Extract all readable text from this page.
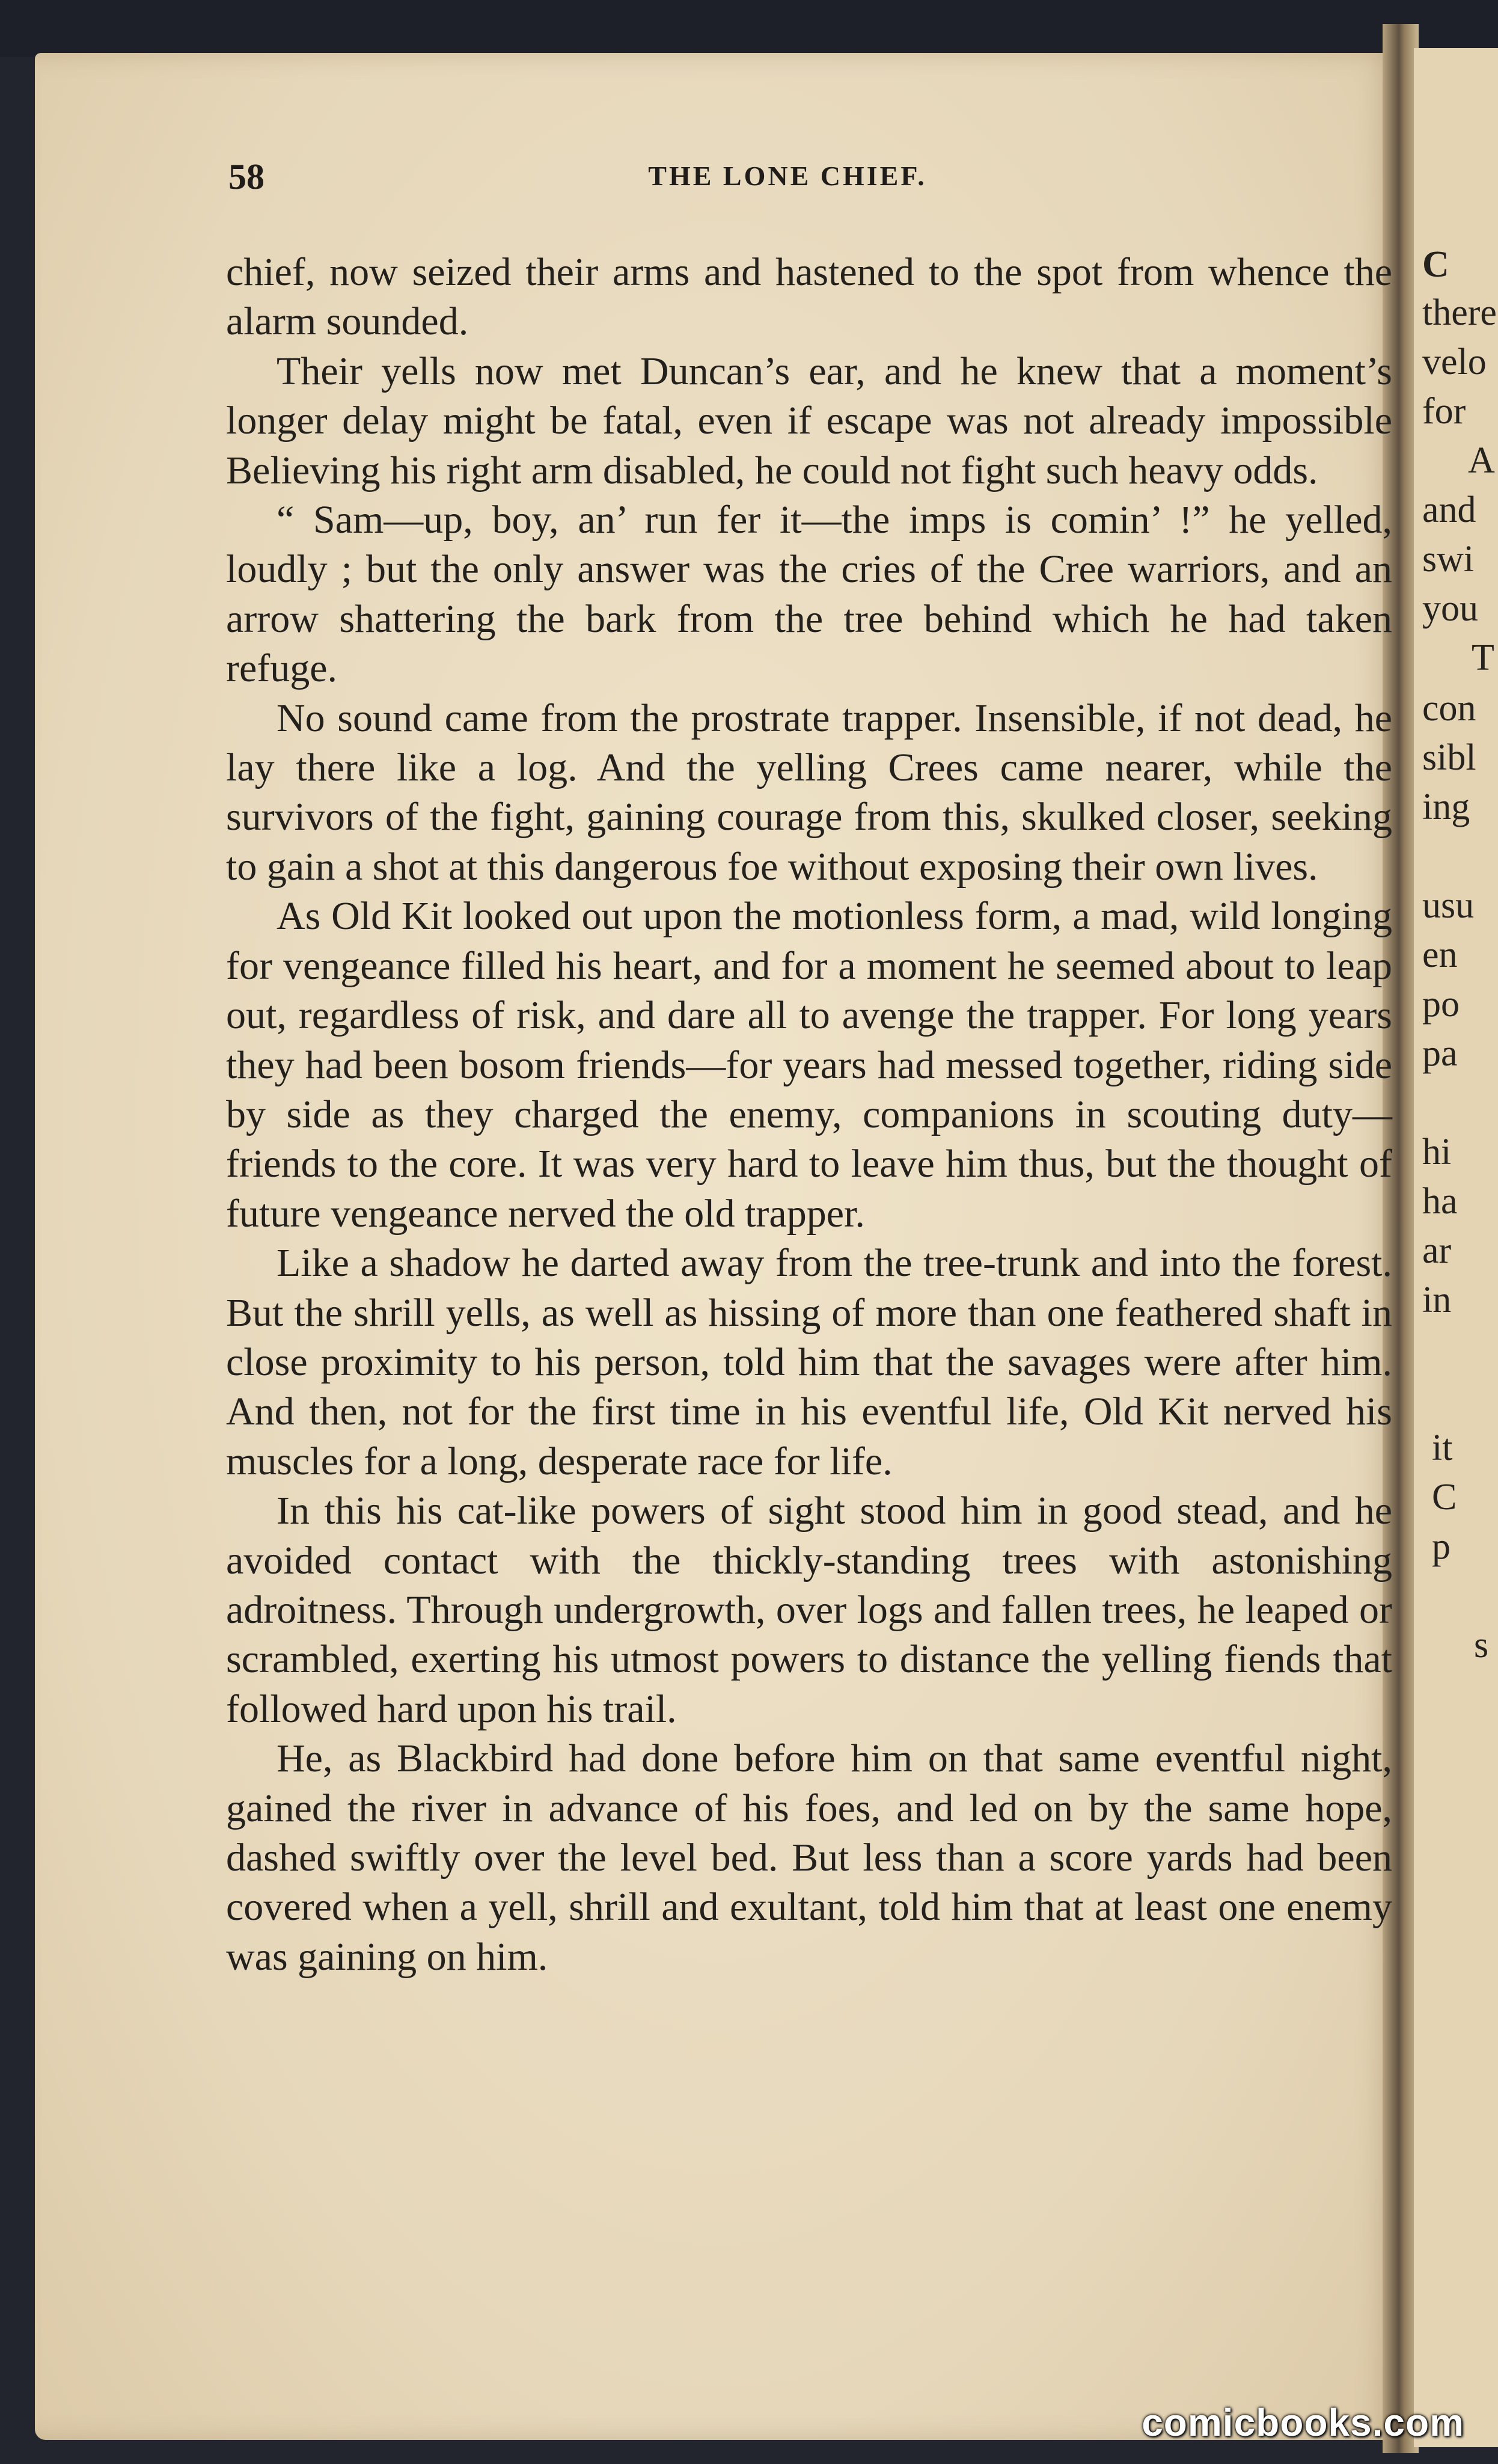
C
there
velo
for
A
and
swi
you
T
con
sibl
ing
usu
en
po
pa
hi
ha
ar
in
it
C
p
s
58	THE LONE CHIEF.

chief, now seized their arms and hastened to the spot from whence the alarm sounded.

Their yells now met Duncan’s ear, and he knew that a moment’s longer delay might be fatal, even if escape was not already impossible Believing his right arm disabled, he could not fight such heavy odds.

“ Sam—up, boy, an’ run fer it—the imps is comin’ !” he yelled, loudly ; but the only answer was the cries of the Cree warriors, and an arrow shattering the bark from the tree behind which he had taken refuge.

No sound came from the prostrate trapper. Insensible, if not dead, he lay there like a log. And the yelling Crees came nearer, while the survivors of the fight, gaining courage from this, skulked closer, seeking to gain a shot at this dangerous foe without exposing their own lives.

As Old Kit looked out upon the motionless form, a mad, wild longing for vengeance filled his heart, and for a moment he seemed about to leap out, regardless of risk, and dare all to avenge the trapper. For long years they had been bosom friends—for years had messed together, riding side by side as they charged the enemy, companions in scouting duty—friends to the core. It was very hard to leave him thus, but the thought of future vengeance nerved the old trapper.

Like a shadow he darted away from the tree-trunk and into the forest. But the shrill yells, as well as hissing of more than one feathered shaft in close proximity to his person, told him that the savages were after him. And then, not for the first time in his eventful life, Old Kit nerved his muscles for a long, desperate race for life.

In this his cat-like powers of sight stood him in good stead, and he avoided contact with the thickly-standing trees with astonishing adroitness. Through undergrowth, over logs and fallen trees, he leaped or scrambled, exerting his utmost powers to distance the yelling fiends that followed hard upon his trail.

He, as Blackbird had done before him on that same eventful night, gained the river in advance of his foes, and led on by the same hope, dashed swiftly over the level bed. But less than a score yards had been covered when a yell, shrill and exultant, told him that at least one enemy was gaining on him.

comicbooks.com
